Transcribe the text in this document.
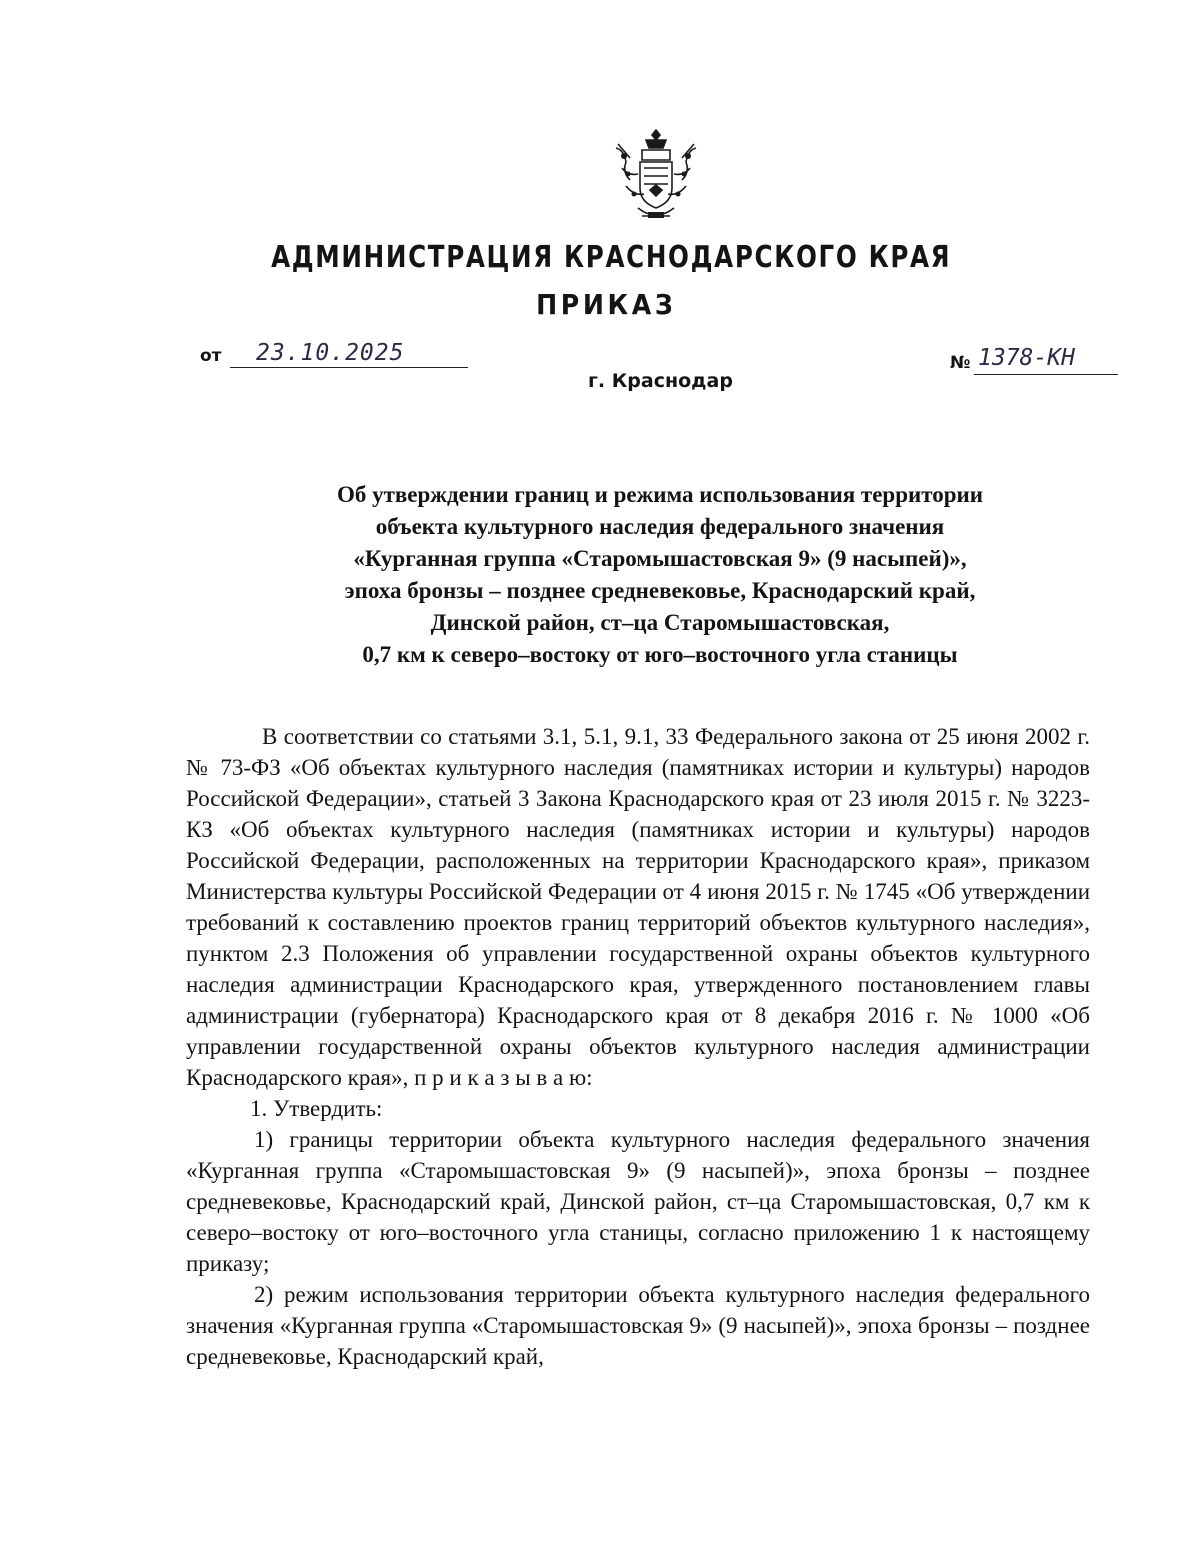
АДМИНИСТРАЦИЯ КРАСНОДАРСКОГО КРАЯ
ПРИКАЗ
от	23.10.2025	№ 1378-КН

г. Краснодар

Об утверждении границ и режима использования территории
объекта культурного наследия федерального значения
«Курганная группа «Старомышастовская 9» (9 насыпей)»,
эпоха бронзы – позднее средневековье, Краснодарский край,
Динской район, ст–ца Старомышастовская,
0,7 км к северо–востоку от юго–восточного угла станицы

В соответствии со статьями 3.1, 5.1, 9.1, 33 Федерального закона от 25 июня 2002 г. № 73-ФЗ «Об объектах культурного наследия (памятниках истории и культуры) народов Российской Федерации», статьей 3 Закона Краснодарского края от 23 июля 2015 г. № 3223-КЗ «Об объектах культурного наследия (памятниках истории и культуры) народов Российской Федерации, расположенных на территории Краснодарского края», приказом Министерства культуры Российской Федерации от 4 июня 2015 г. № 1745 «Об утверждении требований к составлению проектов границ территорий объектов культурного наследия», пунктом 2.3 Положения об управлении государственной охраны объектов культурного наследия администрации Краснодарского края, утвержденного постановлением главы администрации (губернатора) Краснодарского края от 8 декабря 2016 г. № 1000 «Об управлении государственной охраны объектов культурного наследия администрации Краснодарского края», п р и к а з ы в а ю:

1. Утвердить:

1) границы территории объекта культурного наследия федерального значения «Курганная группа «Старомышастовская 9» (9 насыпей)», эпоха бронзы – позднее средневековье, Краснодарский край, Динской район, ст–ца Старомышастовская, 0,7 км к северо–востоку от юго–восточного угла станицы, согласно приложению 1 к настоящему приказу;

2) режим использования территории объекта культурного наследия федерального значения «Курганная группа «Старомышастовская 9» (9 насыпей)», эпоха бронзы – позднее средневековье, Краснодарский край,
